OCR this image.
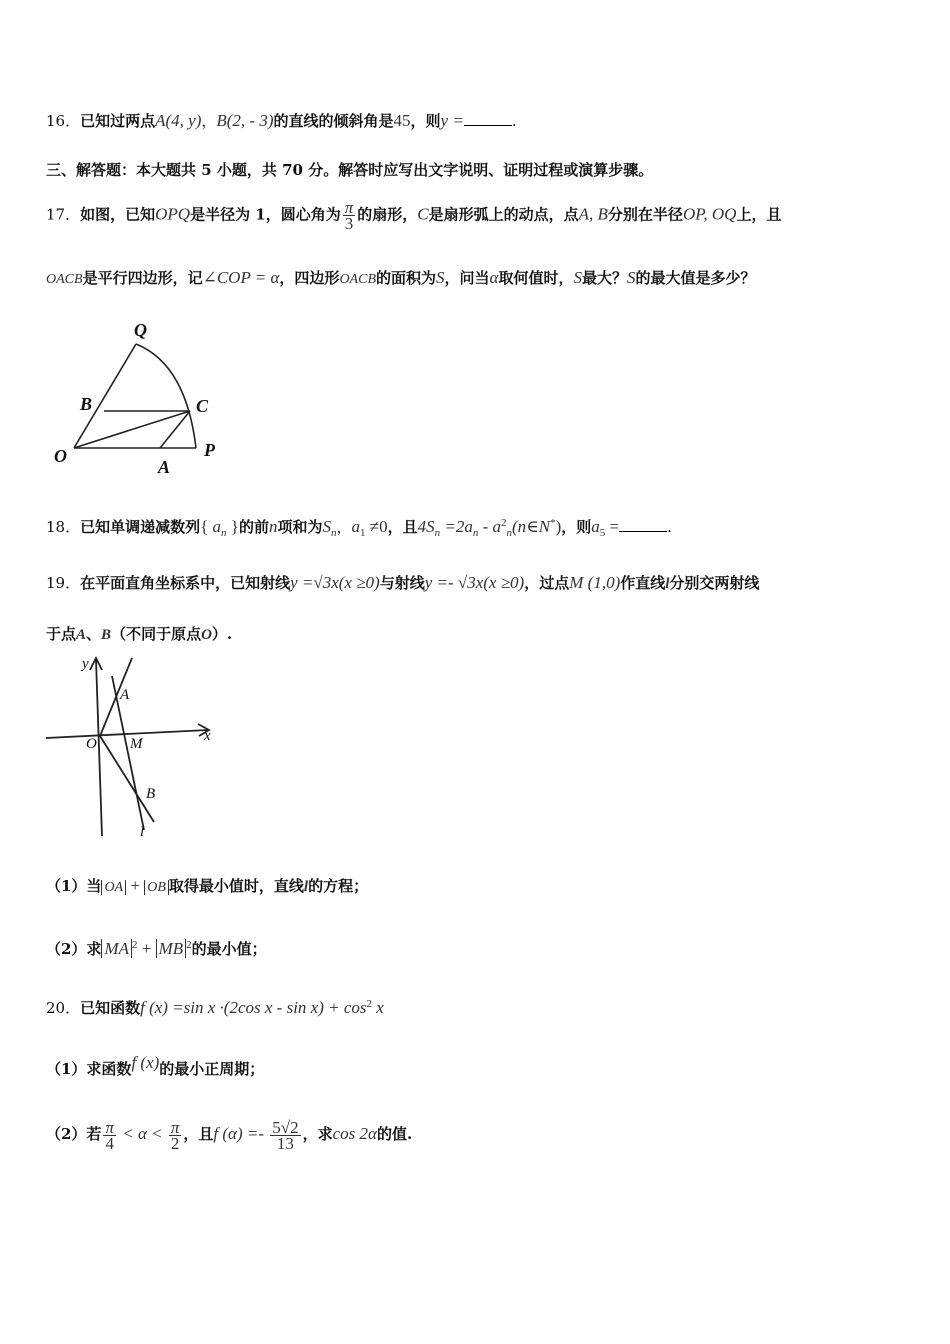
16．已知过两点A(4, y)，B(2, - 3)的直线的倾斜角是45，则y =	.
三、解答题：本大题共 5 小题，共 70 分。解答时应写出文字说明、证明过程或演算步骤。
17．如图，已知OPQ是半径为 1，圆心角为 $\frac{\pi}{3}$ 的扇形，C是扇形弧上的动点，点A, B分别在半径OP, OQ上，且
OACB是平行四边形，记∠COP = α，四边形OACB的面积为S，问当α取何值时，S最大？S的最大值是多少？
Q
B	C
O
A
P
18．已知单调递减数列{ $a_n$ }的前n项和为$S_n$，$a_1 \ne 0$，且$4S_n =2a_n$ - $a^2_n(n\in N^*)$，则$a_5$ =	.
19．在平面直角坐标系中，已知射线y =√3x(x ≥0)与射线y =- √3x(x ≥0)，过点M (1,0)作直线l分别交两射线
于点A、B（不同于原点O）.
y
x
O
A
M
B
l
（1）当 OA + OB 取得最小值时，直线l的方程；
（2）求 MA $^2$ + MB $^2$的最小值；
20．已知函数f (x) =sin x ·(2cos $x - \sin x) + \cos^2 x$
（1）求函数f (x)的最小正周期；
（2）若 $\frac{\pi}{4} < \alpha < \frac{\pi}{2}$ ，且f $(\alpha) =- \frac{5√2}{13}$ ，求cos 2α的值.
